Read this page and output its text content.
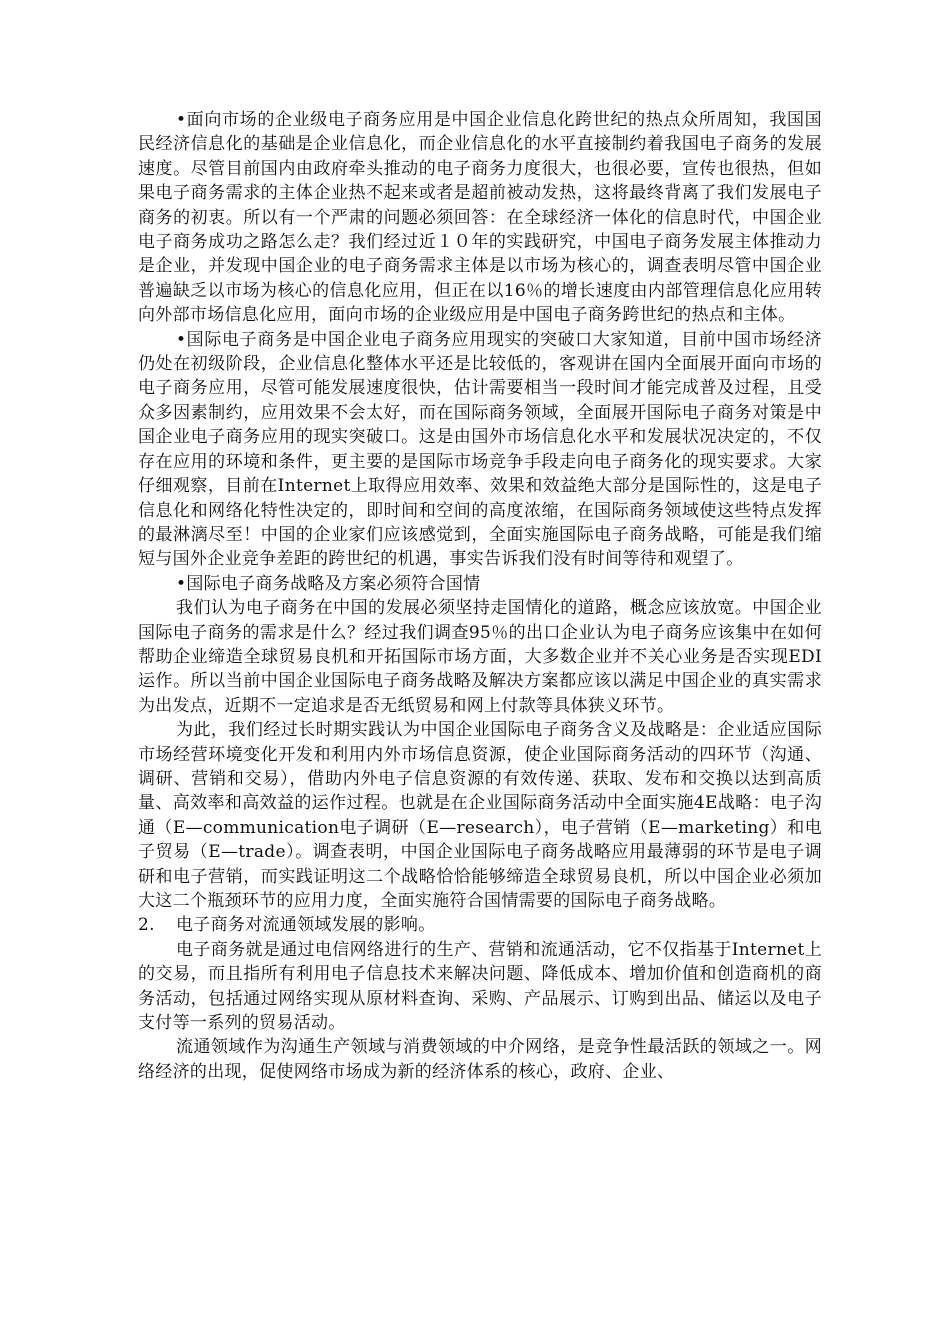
•面向市场的企业级电子商务应用是中国企业信息化跨世纪的热点众所周知，我国国民经济信息化的基础是企业信息化，而企业信息化的水平直接制约着我国电子商务的发展速度。尽管目前国内由政府牵头推动的电子商务力度很大，也很必要，宣传也很热，但如果电子商务需求的主体企业热不起来或者是超前被动发热，这将最终背离了我们发展电子商务的初衷。所以有一个严肃的问题必须回答：在全球经济一体化的信息时代，中国企业电子商务成功之路怎么走？我们经过近１０年的实践研究，中国电子商务发展主体推动力是企业，并发现中国企业的电子商务需求主体是以市场为核心的，调查表明尽管中国企业普遍缺乏以市场为核心的信息化应用，但正在以16％的增长速度由内部管理信息化应用转向外部市场信息化应用，面向市场的企业级应用是中国电子商务跨世纪的热点和主体。

•国际电子商务是中国企业电子商务应用现实的突破口大家知道，目前中国市场经济仍处在初级阶段，企业信息化整体水平还是比较低的，客观讲在国内全面展开面向市场的电子商务应用，尽管可能发展速度很快，估计需要相当一段时间才能完成普及过程，且受众多因素制约，应用效果不会太好，而在国际商务领域，全面展开国际电子商务对策是中国企业电子商务应用的现实突破口。这是由国外市场信息化水平和发展状况决定的，不仅存在应用的环境和条件，更主要的是国际市场竞争手段走向电子商务化的现实要求。大家仔细观察，目前在Internet上取得应用效率、效果和效益绝大部分是国际性的，这是电子信息化和网络化特性决定的，即时间和空间的高度浓缩，在国际商务领域使这些特点发挥的最淋漓尽至！中国的企业家们应该感觉到，全面实施国际电子商务战略，可能是我们缩短与国外企业竞争差距的跨世纪的机遇，事实告诉我们没有时间等待和观望了。

•国际电子商务战略及方案必须符合国情

我们认为电子商务在中国的发展必须坚持走国情化的道路，概念应该放宽。中国企业国际电子商务的需求是什么？经过我们调查95％的出口企业认为电子商务应该集中在如何帮助企业缔造全球贸易良机和开拓国际市场方面，大多数企业并不关心业务是否实现EDI运作。所以当前中国企业国际电子商务战略及解决方案都应该以满足中国企业的真实需求为出发点，近期不一定追求是否无纸贸易和网上付款等具体狭义环节。

为此，我们经过长时期实践认为中国企业国际电子商务含义及战略是：企业适应国际市场经营环境变化开发和利用内外市场信息资源，使企业国际商务活动的四环节（沟通、调研、营销和交易），借助内外电子信息资源的有效传递、获取、发布和交换以达到高质量、高效率和高效益的运作过程。也就是在企业国际商务活动中全面实施4E战略：电子沟通（E—communication电子调研（E—research），电子营销（E—marketing）和电子贸易（E—trade）。调查表明，中国企业国际电子商务战略应用最薄弱的环节是电子调研和电子营销，而实践证明这二个战略恰恰能够缔造全球贸易良机，所以中国企业必须加大这二个瓶颈环节的应用力度，全面实施符合国情需要的国际电子商务战略。

2.	电子商务对流通领域发展的影响。

电子商务就是通过电信网络进行的生产、营销和流通活动，它不仅指基于Internet上的交易，而且指所有利用电子信息技术来解决问题、降低成本、增加价值和创造商机的商务活动，包括通过网络实现从原材料查询、采购、产品展示、订购到出品、储运以及电子支付等一系列的贸易活动。

流通领域作为沟通生产领域与消费领域的中介网络，是竞争性最活跃的领域之一。网络经济的出现，促使网络市场成为新的经济体系的核心，政府、企业、
